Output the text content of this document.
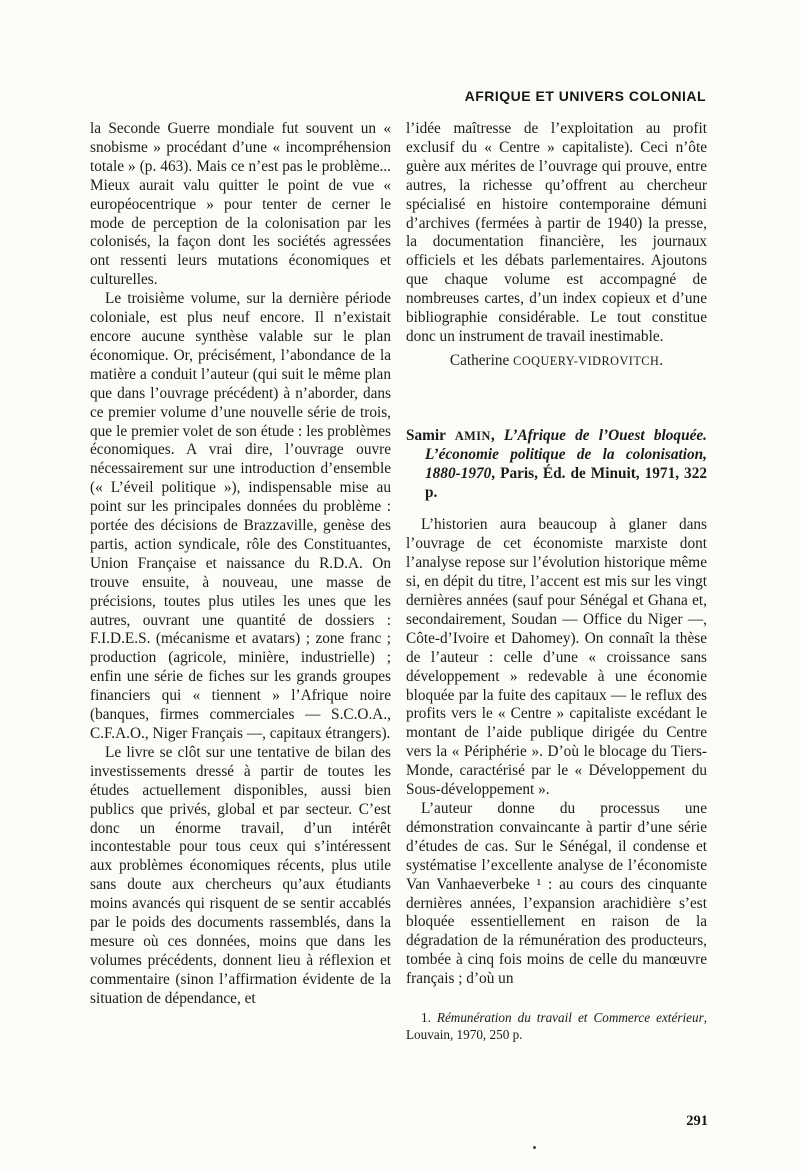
AFRIQUE ET UNIVERS COLONIAL

la Seconde Guerre mondiale fut souvent un « snobisme » procédant d’une « incompréhension totale » (p. 463). Mais ce n’est pas le problème... Mieux aurait valu quitter le point de vue « européocentrique » pour tenter de cerner le mode de perception de la colonisation par les colonisés, la façon dont les sociétés agressées ont ressenti leurs mutations économiques et culturelles.

Le troisième volume, sur la dernière période coloniale, est plus neuf encore. Il n’existait encore aucune synthèse valable sur le plan économique. Or, précisément, l’abondance de la matière a conduit l’auteur (qui suit le même plan que dans l’ouvrage précédent) à n’aborder, dans ce premier volume d’une nouvelle série de trois, que le premier volet de son étude : les problèmes économiques. A vrai dire, l’ouvrage ouvre nécessairement sur une introduction d’ensemble (« L’éveil politique »), indispensable mise au point sur les principales données du problème : portée des décisions de Brazzaville, genèse des partis, action syndicale, rôle des Constituantes, Union Française et naissance du R.D.A. On trouve ensuite, à nouveau, une masse de précisions, toutes plus utiles les unes que les autres, ouvrant une quantité de dossiers : F.I.D.E.S. (mécanisme et avatars) ; zone franc ; production (agricole, minière, industrielle) ; enfin une série de fiches sur les grands groupes financiers qui « tiennent » l’Afrique noire (banques, firmes commerciales — S.C.O.A., C.F.A.O., Niger Français —, capitaux étrangers).

Le livre se clôt sur une tentative de bilan des investissements dressé à partir de toutes les études actuellement disponibles, aussi bien publics que privés, global et par secteur. C’est donc un énorme travail, d’un intérêt incontestable pour tous ceux qui s’intéressent aux problèmes économiques récents, plus utile sans doute aux chercheurs qu’aux étudiants moins avancés qui risquent de se sentir accablés par le poids des documents rassemblés, dans la mesure où ces données, moins que dans les volumes précédents, donnent lieu à réflexion et commentaire (sinon l’affirmation évidente de la situation de dépendance, et

l’idée maîtresse de l’exploitation au profit exclusif du « Centre » capitaliste). Ceci n’ôte guère aux mérites de l’ouvrage qui prouve, entre autres, la richesse qu’offrent au chercheur spécialisé en histoire contemporaine démuni d’archives (fermées à partir de 1940) la presse, la documentation financière, les journaux officiels et les débats parlementaires. Ajoutons que chaque volume est accompagné de nombreuses cartes, d’un index copieux et d’une bibliographie considérable. Le tout constitue donc un instrument de travail inestimable.

Catherine COQUERY-VIDROVITCH.

Samir AMIN, L’Afrique de l’Ouest bloquée. L’économie politique de la colonisation, 1880-1970, Paris, Éd. de Minuit, 1971, 322 p.

L’historien aura beaucoup à glaner dans l’ouvrage de cet économiste marxiste dont l’analyse repose sur l’évolution historique même si, en dépit du titre, l’accent est mis sur les vingt dernières années (sauf pour Sénégal et Ghana et, secondairement, Soudan — Office du Niger —, Côte-d’Ivoire et Dahomey). On connaît la thèse de l’auteur : celle d’une « croissance sans développement » redevable à une économie bloquée par la fuite des capitaux — le reflux des profits vers le « Centre » capitaliste excédant le montant de l’aide publique dirigée du Centre vers la « Périphérie ». D’où le blocage du Tiers-Monde, caractérisé par le « Développement du Sous-développement ».

L’auteur donne du processus une démonstration convaincante à partir d’une série d’études de cas. Sur le Sénégal, il condense et systématise l’excellente analyse de l’économiste Van Vanhaeverbeke ¹ : au cours des cinquante dernières années, l’expansion arachidière s’est bloquée essentiellement en raison de la dégradation de la rémunération des producteurs, tombée à cinq fois moins de celle du manœuvre français ; d’où un

1. Rémunération du travail et Commerce extérieur, Louvain, 1970, 250 p.

291
